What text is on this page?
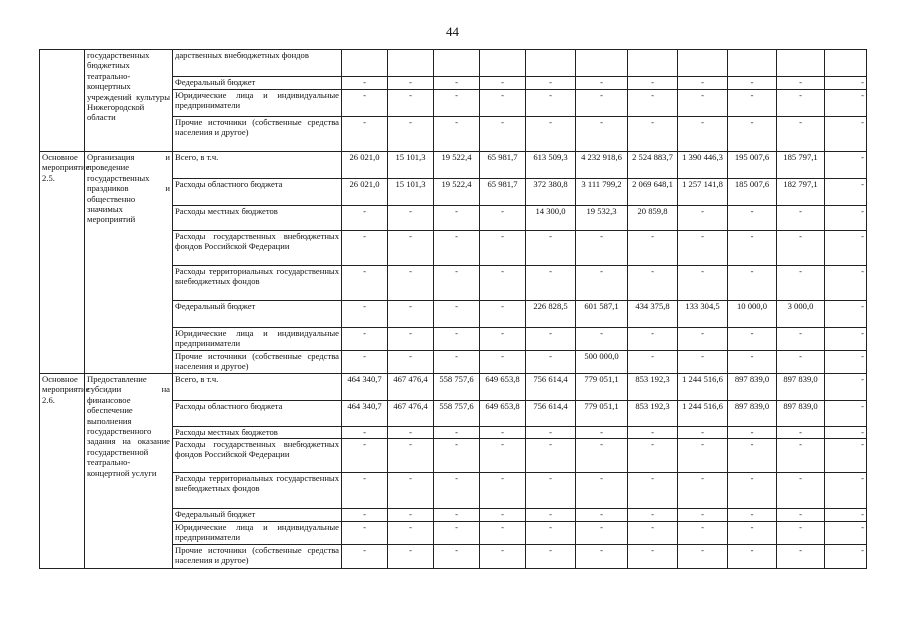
44
	государственных бюджетных театрально-концертных учреждений культуры Нижегородской области	дарственных внебюджетных фондов											
		Федеральный бюджет	-	-	-	-	-	-	-	-	-	-	-
		Юридические лица и индивидуальные предприниматели	-	-	-	-	-	-	-	-	-	-	-
		Прочие источники (собственные средства населения и другое)	-	-	-	-	-	-	-	-	-	-	-
Основное мероприятие 2.5.	Организация и проведение государственных праздников и общественно значимых мероприятий	Всего, в т.ч.	26 021,0	15 101,3	19 522,4	65 981,7	613 509,3	4 232 918,6	2 524 883,7	1 390 446,3	195 007,6	185 797,1	-
		Расходы областного бюджета	26 021,0	15 101,3	19 522,4	65 981,7	372 380,8	3 111 799,2	2 069 648,1	1 257 141,8	185 007,6	182 797,1	-
		Расходы местных бюджетов	-	-	-	-	14 300,0	19 532,3	20 859,8	-	-	-	-
		Расходы государственных внебюджетных фондов Российской Федерации	-	-	-	-	-	-	-	-	-	-	-
		Расходы территориальных государственных внебюджетных фондов	-	-	-	-	-	-	-	-	-	-	-
		Федеральный бюджет	-	-	-	-	226 828,5	601 587,1	434 375,8	133 304,5	10 000,0	3 000,0	-
		Юридические лица и индивидуальные предприниматели	-	-	-	-	-	-	-	-	-	-	-
		Прочие источники (собственные средства населения и другое)	-	-	-	-	-	500 000,0	-	-	-	-	-
Основное мероприятие 2.6.	Предоставление субсидии на финансовое обеспечение выполнения государственного задания на оказание государственной театрально-концертной услуги	Всего, в т.ч.	464 340,7	467 476,4	558 757,6	649 653,8	756 614,4	779 051,1	853 192,3	1 244 516,6	897 839,0	897 839,0	-
		Расходы областного бюджета	464 340,7	467 476,4	558 757,6	649 653,8	756 614,4	779 051,1	853 192,3	1 244 516,6	897 839,0	897 839,0	-
		Расходы местных бюджетов	-	-	-	-	-	-	-	-	-	-	-
		Расходы государственных внебюджетных фондов Российской Федерации	-	-	-	-	-	-	-	-	-	-	-
		Расходы территориальных государственных внебюджетных фондов	-	-	-	-	-	-	-	-	-	-	-
		Федеральный бюджет	-	-	-	-	-	-	-	-	-	-	-
		Юридические лица и индивидуальные предприниматели	-	-	-	-	-	-	-	-	-	-	-
		Прочие источники (собственные средства населения и другое)	-	-	-	-	-	-	-	-	-	-	-
